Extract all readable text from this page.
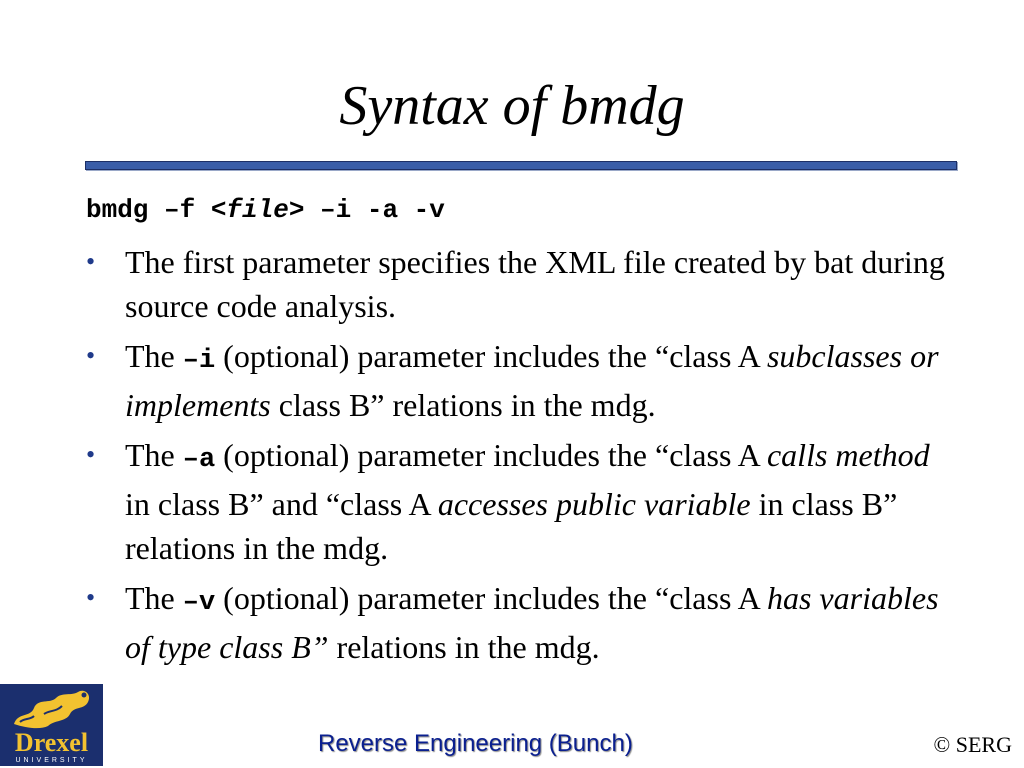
Syntax of bmdg
bmdg –f <file> –i -a -v
• The first parameter specifies the XML file created by bat during source code analysis.
• The –i (optional) parameter includes the “class A subclasses or implements class B” relations in the mdg.
• The –a (optional) parameter includes the “class A calls method in class B” and “class A accesses public variable in class B” relations in the mdg.
• The –v (optional) parameter includes the “class A has variables of type class B” relations in the mdg.
Drexel
UNIVERSITY
Reverse Engineering (Bunch)	© SERG
